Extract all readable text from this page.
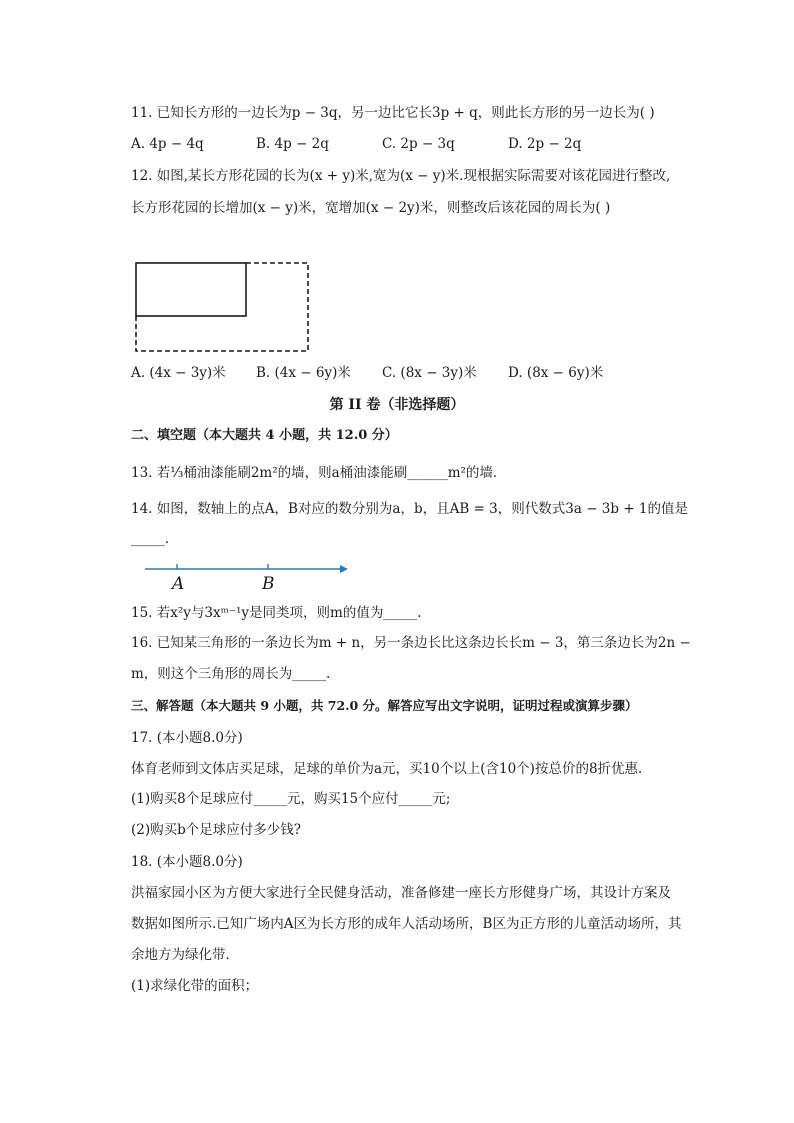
11. 已知长方形的一边长为p − 3q，另一边比它长3p + q，则此长方形的另一边长为( )
A. 4p − 4q	B. 4p − 2q	C. 2p − 3q	D. 2p − 2q
12. 如图,某长方形花园的长为(x + y)米,宽为(x − y)米.现根据实际需要对该花园进行整改,
长方形花园的长增加(x − y)米，宽增加(x − 2y)米，则整改后该花园的周长为( )
A. (4x − 3y)米 B. (4x − 6y)米 C. (8x − 3y)米 D. (8x − 6y)米
第 II 卷（非选择题）
二、填空题（本大题共 4 小题，共 12.0 分）
13. 若⅓桶油漆能刷2m²的墙，则a桶油漆能刷______m²的墙．
14. 如图，数轴上的点A，B对应的数分别为a，b，且AB = 3，则代数式3a − 3b + 1的值是
_____.
A	B
15. 若x²y与3xᵐ⁻¹y是同类项，则m的值为_____.
16. 已知某三角形的一条边长为m + n，另一条边长比这条边长长m − 3，第三条边长为2n −
m，则这个三角形的周长为_____.
三、解答题（本大题共 9 小题，共 72.0 分。解答应写出文字说明，证明过程或演算步骤）
17. (本小题8.0分)
体育老师到文体店买足球，足球的单价为a元，买10个以上(含10个)按总价的8折优惠．
(1)购买8个足球应付_____元，购买15个应付_____元;
(2)购买b个足球应付多少钱?
18. (本小题8.0分)
洪福家园小区为方便大家进行全民健身活动，准备修建一座长方形健身广场，其设计方案及
数据如图所示.已知广场内A区为长方形的成年人活动场所，B区为正方形的儿童活动场所，其
余地方为绿化带．
(1)求绿化带的面积；
